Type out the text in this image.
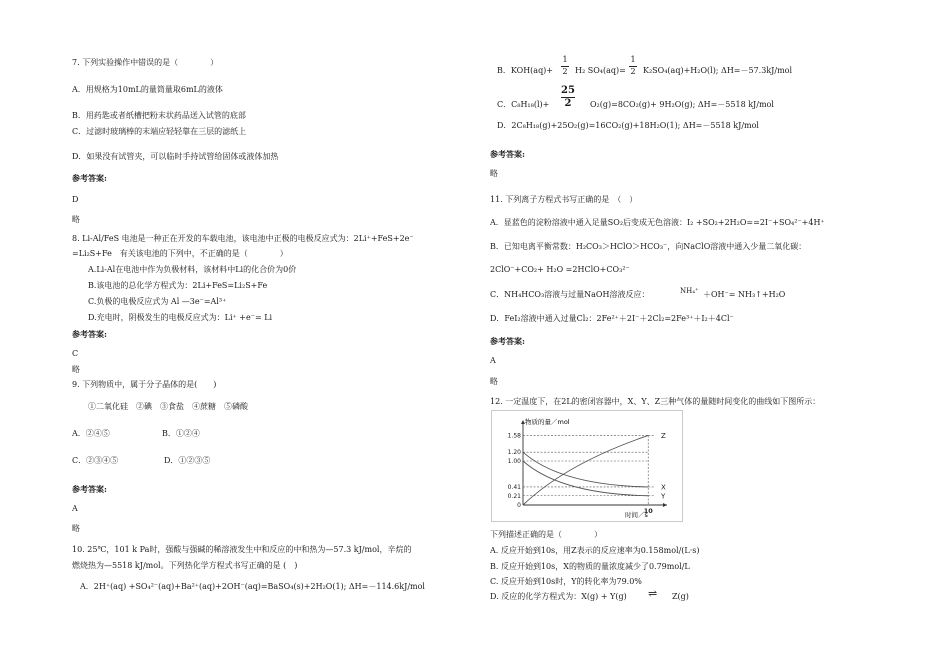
7. 下列实验操作中错误的是（　　　　）
A．用规格为10mL的量筒量取6mL的液体
B．用药匙或者纸槽把粉末状药品送入试管的底部
C．过滤时玻璃棒的末端应轻轻靠在三层的滤纸上
D．如果没有试管夹，可以临时手持试管给固体或液体加热
参考答案:
D
略
8. Li-Al/FeS 电池是一种正在开发的车载电池，该电池中正极的电极反应式为：2Li⁺+FeS+2e⁻
=Li₂S+Fe　有关该电池的下列中，不正确的是（　　　　）
A.Li-Al在电池中作为负极材料，该材料中Li的化合价为0价
B.该电池的总化学方程式为：2Li+FeS=Li₂S+Fe
C.负极的电极反应式为 Al —3e⁻=Al³⁺
D.充电时，阴极发生的电极反应式为：Li⁺ +e⁻= Li
参考答案:
C
略
9. 下列物质中，属于分子晶体的是(　　)
①二氧化硅　②碘　③食盐　④蔗糖　⑤磷酸
A．②④⑤	B．①②④
C．②③④⑤	D．①②③⑤
参考答案:
A
略
10. 25℃，101 k Pa时，强酸与强碱的稀溶液发生中和反应的中和热为—57.3 kJ/mol，辛烷的
燃烧热为—5518 kJ/mol。下列热化学方程式书写正确的是 (　)
A．2H⁺(aq) +SO₄²⁻(aq)+Ba²⁺(aq)+2OH⁻(aq)=BaSO₄(s)+2H₂O(1); ΔH=－114.6kJ/mol
B．KOH(aq)+
1
2 H₂ SO₄(aq)=
1
2 K₂SO₄(aq)+H₂O(l); ΔH=－57.3kJ/mol
C．C₈H₁₈(l)+
25
2	O₂(g)=8CO₂(g)+ 9H₂O(g); ΔH=－5518 kJ/mol
D．2C₈H₁₈(g)+25O₂(g)=16CO₂(g)+18H₂O(1); ΔH=－5518 kJ/mol
参考答案:
略
11. 下列离子方程式书写正确的是　（　）
A．显蓝色的淀粉溶液中通入足量SO₂后变成无色溶液：I₂ +SO₂+2H₂O==2I⁻+SO₄²⁻+4H⁺
B．已知电离平衡常数：H₂CO₃＞HClO＞HCO₃⁻，向NaClO溶液中通入少量二氧化碳：
2ClO⁻+CO₂+ H₂O =2HClO+CO₃²⁻
C．NH₄HCO₃溶液与过量NaOH溶液反应：	NH₄⁺ ＋OH⁻= NH₃↑+H₂O
D．FeI₂溶液中通入过量Cl₂：2Fe²⁺＋2I⁻＋2Cl₂=2Fe³⁺＋I₂＋4Cl⁻
参考答案:
A
略
12. 一定温度下，在2L的密闭容器中，X、Y、Z三种气体的量随时间变化的曲线如下图所示：
0
0.21
0.41
1.00
1.20
1.58
10
Z
X
Y
物质的量／mol
时间／s
下列描述正确的是（　　　　）
A. 反应开始到10s，用Z表示的反应速率为0.158mol/(L·s)
B. 反应开始到10s，X的物质的量浓度减少了0.79mol/L
C. 反应开始到10s时，Y的转化率为79.0%
D. 反应的化学方程式为：X(g) + Y(g) ⇌ Z(g)
